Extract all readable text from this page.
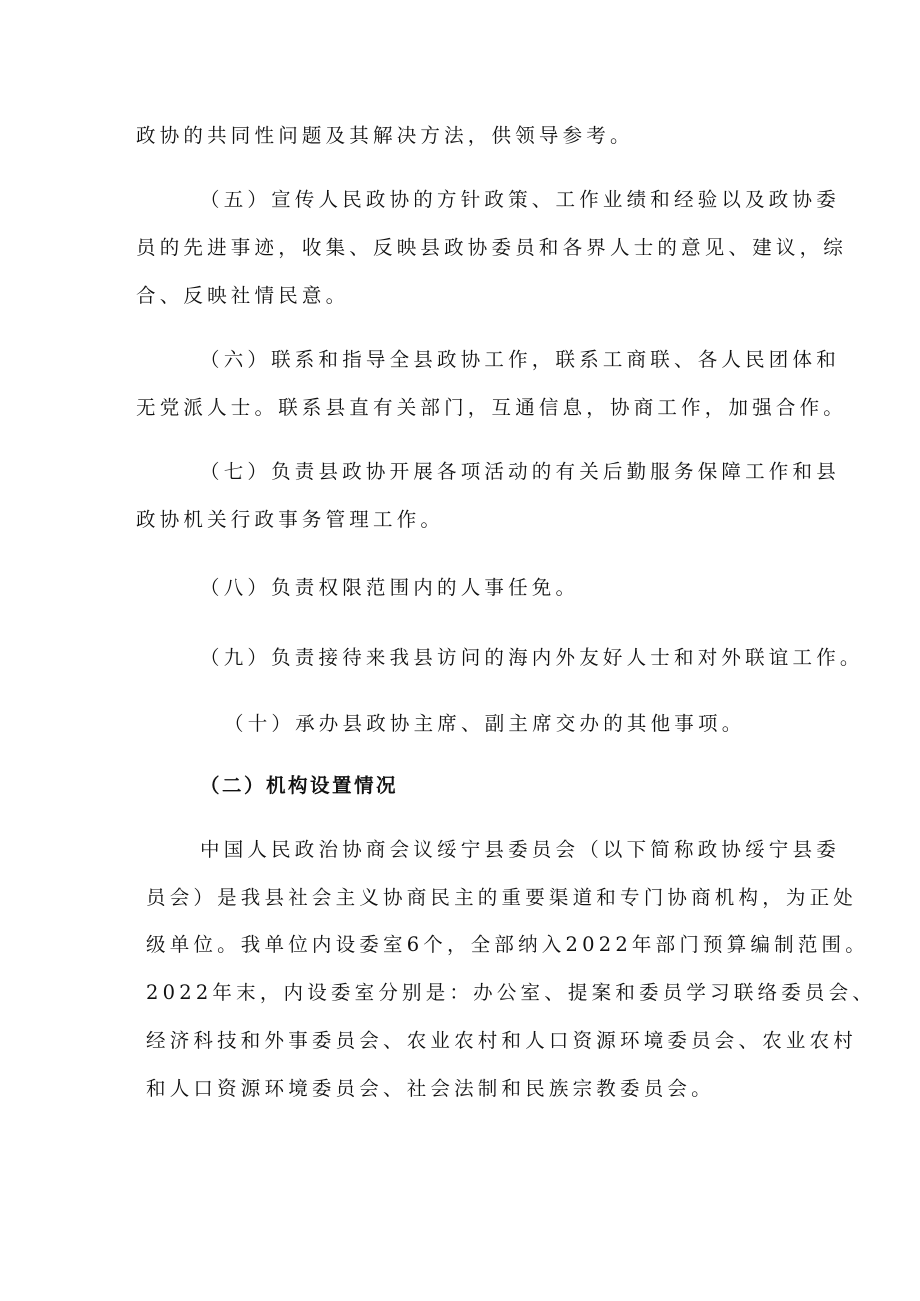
政协的共同性问题及其解决方法，供领导参考。
（五）宣传人民政协的方针政策、工作业绩和经验以及政协委
员的先进事迹，收集、反映县政协委员和各界人士的意见、建议，综
合、反映社情民意。
（六）联系和指导全县政协工作，联系工商联、各人民团体和
无党派人士。联系县直有关部门，互通信息，协商工作，加强合作。
（七）负责县政协开展各项活动的有关后勤服务保障工作和县
政协机关行政事务管理工作。
（八）负责权限范围内的人事任免。
（九）负责接待来我县访问的海内外友好人士和对外联谊工作。
（十）承办县政协主席、副主席交办的其他事项。
（二）机构设置情况
中国人民政治协商会议绥宁县委员会（以下简称政协绥宁县委
员会）是我县社会主义协商民主的重要渠道和专门协商机构，为正处
级单位。我单位内设委室6个，全部纳入2022年部门预算编制范围。
2022年末，内设委室分别是：办公室、提案和委员学习联络委员会、
经济科技和外事委员会、农业农村和人口资源环境委员会、农业农村
和人口资源环境委员会、社会法制和民族宗教委员会。
